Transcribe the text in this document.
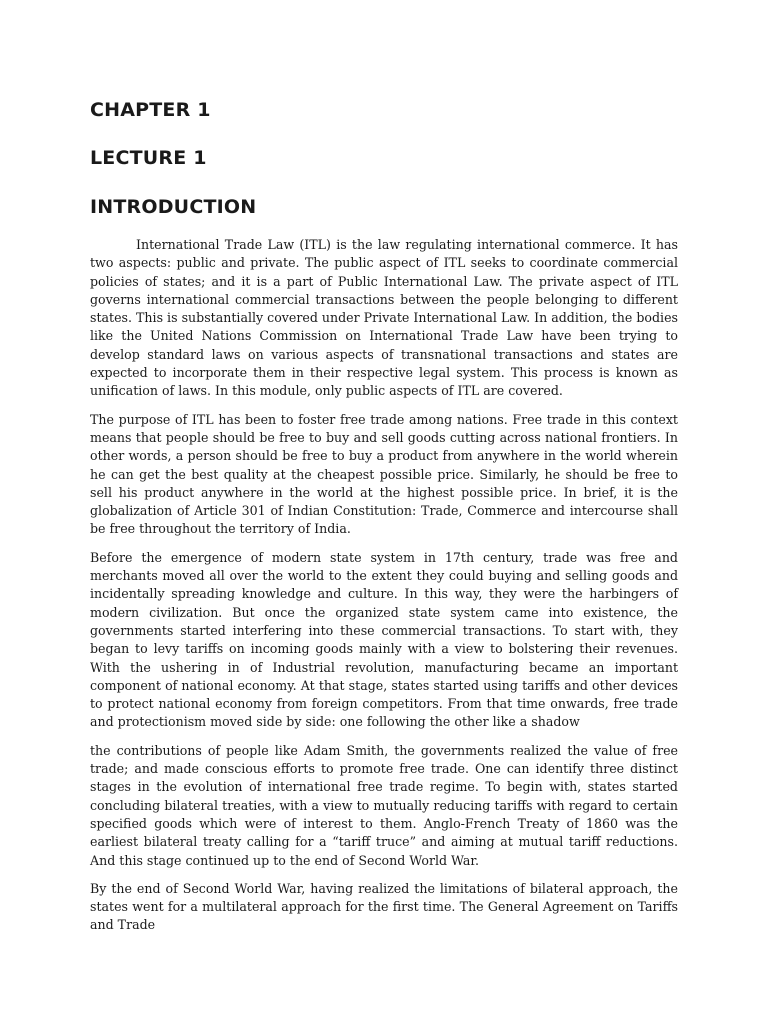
CHAPTER 1
LECTURE 1
INTRODUCTION

International Trade Law (ITL) is the law regulating international commerce. It has two aspects: public and private. The public aspect of ITL seeks to coordinate commercial policies of states; and it is a part of Public International Law. The private aspect of ITL governs international commercial transactions between the people belonging to different states. This is substantially covered under Private International Law. In addition, the bodies like the United Nations Commission on International Trade Law have been trying to develop standard laws on various aspects of transnational transactions and states are expected to incorporate them in their respective legal system. This process is known as unification of laws. In this module, only public aspects of ITL are covered.

The purpose of ITL has been to foster free trade among nations. Free trade in this context means that people should be free to buy and sell goods cutting across national frontiers. In other words, a person should be free to buy a product from anywhere in the world wherein he can get the best quality at the cheapest possible price. Similarly, he should be free to sell his product anywhere in the world at the highest possible price. In brief, it is the globalization of Article 301 of Indian Constitution: Trade, Commerce and intercourse shall be free throughout the territory of India.

Before the emergence of modern state system in 17th century, trade was free and merchants moved all over the world to the extent they could buying and selling goods and incidentally spreading knowledge and culture. In this way, they were the harbingers of modern civilization. But once the organized state system came into existence, the governments started interfering into these commercial transactions. To start with, they began to levy tariffs on incoming goods mainly with a view to bolstering their revenues. With the ushering in of Industrial revolution, manufacturing became an important component of national economy. At that stage, states started using tariffs and other devices to protect national economy from foreign competitors. From that time onwards, free trade and protectionism moved side by side: one following the other like a shadow

the contributions of people like Adam Smith, the governments realized the value of free trade; and made conscious efforts to promote free trade. One can identify three distinct stages in the evolution of international free trade regime. To begin with, states started concluding bilateral treaties, with a view to mutually reducing tariffs with regard to certain specified goods which were of interest to them. Anglo-French Treaty of 1860 was the earliest bilateral treaty calling for a “tariff truce” and aiming at mutual tariff reductions. And this stage continued up to the end of Second World War.

By the end of Second World War, having realized the limitations of bilateral approach, the states went for a multilateral approach for the first time. The General Agreement on Tariffs and Trade
